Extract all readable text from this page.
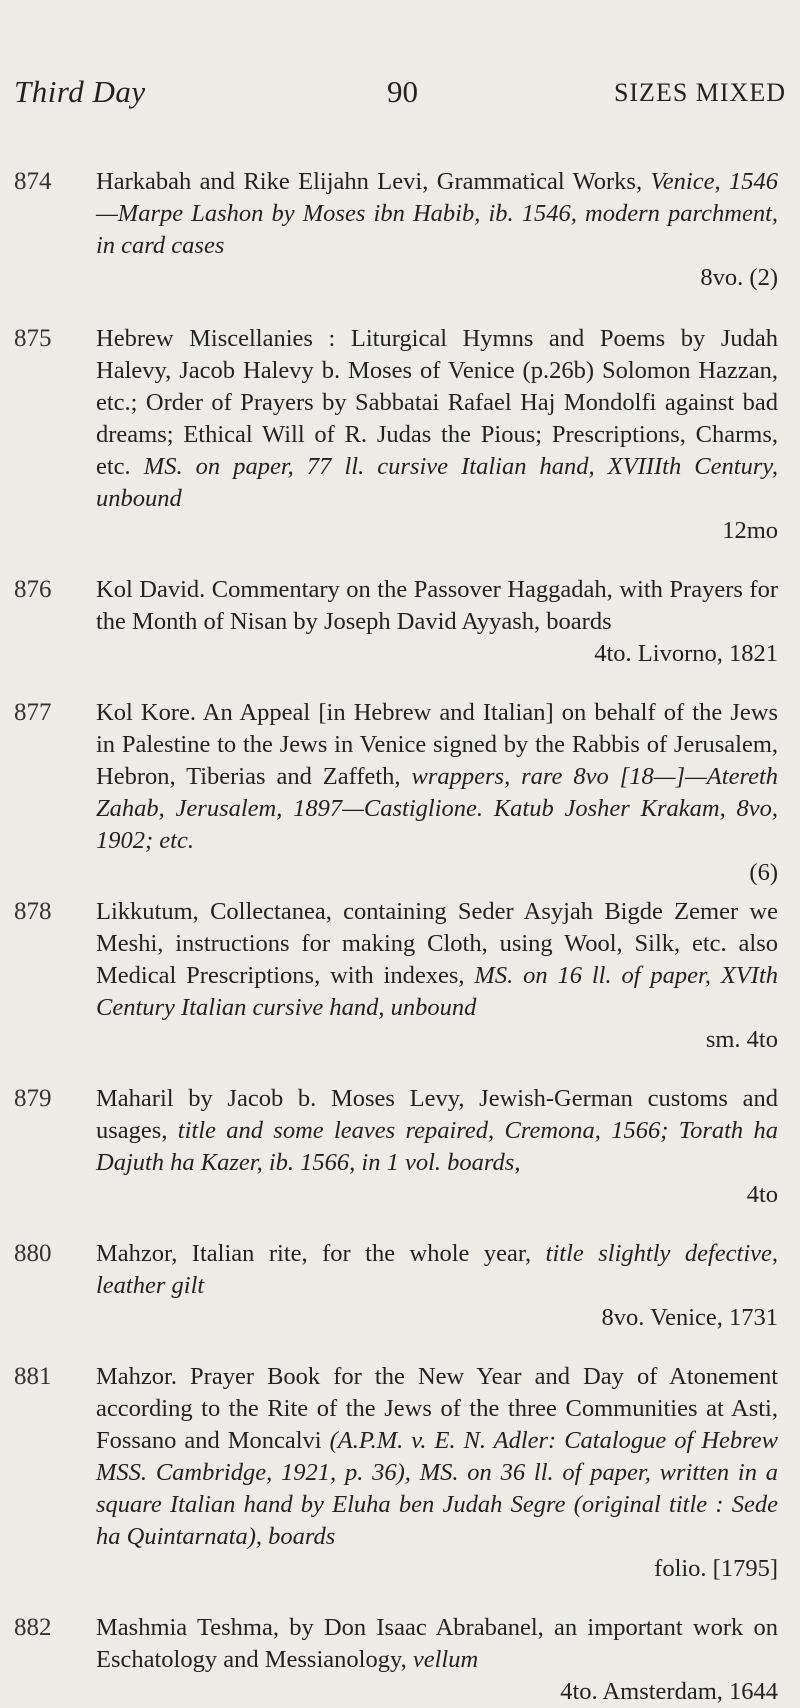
Third Day	90	SIZES MIXED
874 Harkabah and Rike Elijahn Levi, Grammatical Works, Venice, 1546—Marpe Lashon by Moses ibn Habib, ib. 1546, modern parchment, in card cases
8vo. (2)
875 Hebrew Miscellanies : Liturgical Hymns and Poems by Judah Halevy, Jacob Halevy b. Moses of Venice (p.26b) Solomon Hazzan, etc.; Order of Prayers by Sabbatai Rafael Haj Mondolfi against bad dreams; Ethical Will of R. Judas the Pious; Prescriptions, Charms, etc. MS. on paper, 77 ll. cursive Italian hand, XVIIIth Century, unbound
12mo
876 Kol David. Commentary on the Passover Haggadah, with Prayers for the Month of Nisan by Joseph David Ayyash, boards
4to. Livorno, 1821
877 Kol Kore. An Appeal [in Hebrew and Italian] on behalf of the Jews in Palestine to the Jews in Venice signed by the Rabbis of Jerusalem, Hebron, Tiberias and Zaffeth, wrappers, rare 8vo [18—]—Atereth Zahab, Jerusalem, 1897—Castiglione. Katub Josher Krakam, 8vo, 1902; etc.
(6)
878 Likkutum, Collectanea, containing Seder Asyjah Bigde Zemer we Meshi, instructions for making Cloth, using Wool, Silk, etc. also Medical Prescriptions, with indexes, MS. on 16 ll. of paper, XVIth Century Italian cursive hand, unbound
sm. 4to
879 Maharil by Jacob b. Moses Levy, Jewish-German customs and usages, title and some leaves repaired, Cremona, 1566; Torath ha Dajuth ha Kazer, ib. 1566, in 1 vol. boards,
4to
880 Mahzor, Italian rite, for the whole year, title slightly defective, leather gilt
8vo. Venice, 1731
881 Mahzor. Prayer Book for the New Year and Day of Atonement according to the Rite of the Jews of the three Communities at Asti, Fossano and Moncalvi (A.P.M. v. E. N. Adler: Catalogue of Hebrew MSS. Cambridge, 1921, p. 36), MS. on 36 ll. of paper, written in a square Italian hand by Eluha ben Judah Segre (original title : Sede ha Quintarnata), boards
folio. [1795]
882 Mashmia Teshma, by Don Isaac Abrabanel, an important work on Eschatology and Messianology, vellum
4to. Amsterdam, 1644
